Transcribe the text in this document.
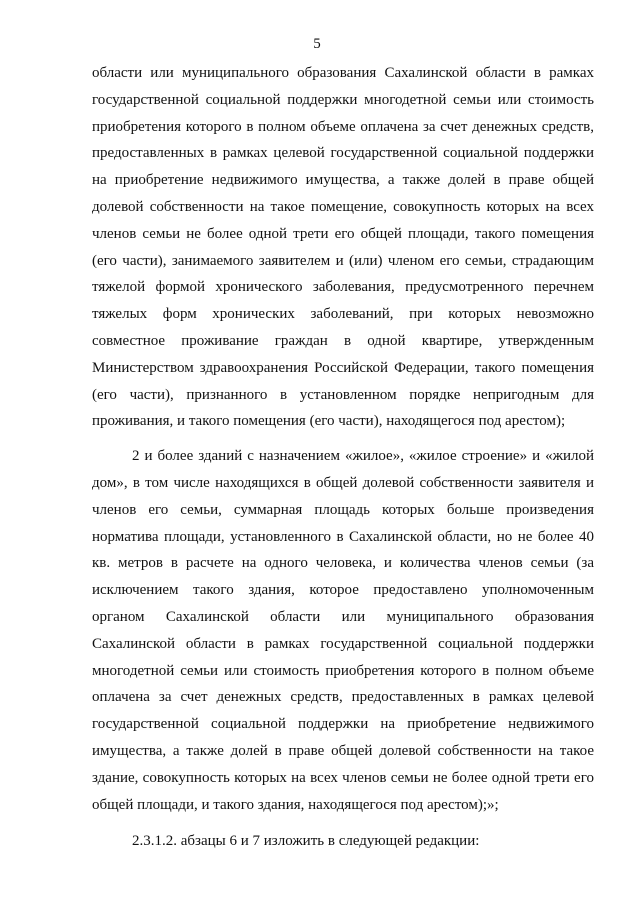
5
области или муниципального образования Сахалинской области в рамках
государственной социальной поддержки многодетной семьи или стоимость
приобретения которого в полном объеме оплачена за счет денежных средств,
предоставленных в рамках целевой государственной социальной поддержки
на приобретение недвижимого имущества, а также долей в праве общей
долевой собственности на такое помещение, совокупность которых на всех
членов семьи не более одной трети его общей площади, такого помещения
(его части), занимаемого заявителем и (или) членом его семьи, страдающим
тяжелой формой хронического заболевания, предусмотренного перечнем
тяжелых форм хронических заболеваний, при которых невозможно
совместное проживание граждан в одной квартире, утвержденным
Министерством здравоохранения Российской Федерации, такого помещения
(его части), признанного в установленном порядке непригодным для
проживания, и такого помещения (его части), находящегося под арестом);
2 и более зданий с назначением «жилое», «жилое строение» и «жилой
дом», в том числе находящихся в общей долевой собственности заявителя и
членов его семьи, суммарная площадь которых больше произведения
норматива площади, установленного в Сахалинской области, но не более 40
кв. метров в расчете на одного человека, и количества членов семьи (за
исключением такого здания, которое предоставлено уполномоченным
органом Сахалинской области или муниципального образования
Сахалинской области в рамках государственной социальной поддержки
многодетной семьи или стоимость приобретения которого в полном объеме
оплачена за счет денежных средств, предоставленных в рамках целевой
государственной социальной поддержки на приобретение недвижимого
имущества, а также долей в праве общей долевой собственности на такое
здание, совокупность которых на всех членов семьи не более одной трети его
общей площади, и такого здания, находящегося под арестом);»;
2.3.1.2. абзацы 6 и 7 изложить в следующей редакции:
